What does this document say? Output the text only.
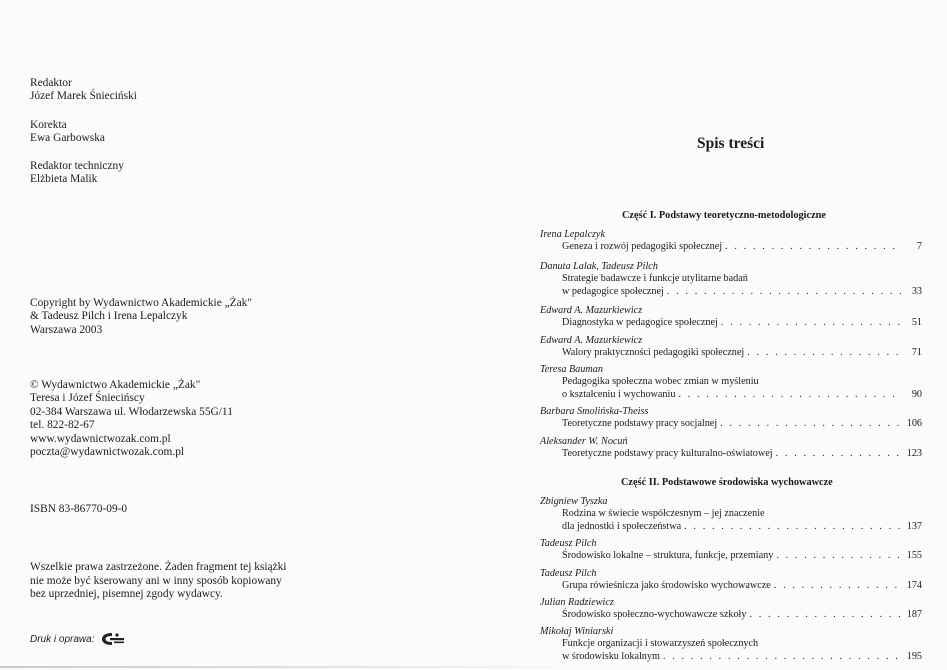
Redaktor
Józef Marek Śnieciński
Korekta
Ewa Garbowska
Redaktor techniczny
Elżbieta Malik
Copyright by Wydawnictwo Akademickie „Żak"
& Tadeusz Pilch i Irena Lepalczyk
Warszawa 2003
© Wydawnictwo Akademickie „Żak"
Teresa i Józef Śniecińscy
02-384 Warszawa ul. Włodarzewska 55G/11
tel. 822-82-67
www.wydawnictwozak.com.pl
poczta@wydawnictwozak.com.pl
ISBN 83-86770-09-0
Wszelkie prawa zastrzeżone. Żaden fragment tej książki
nie może być kserowany ani w inny sposób kopiowany
bez uprzedniej, pisemnej zgody wydawcy.
Druk i oprawa:
Spis treści
Część I. Podstawy teoretyczno-metodologiczne
Irena Lepalczyk
Geneza i rozwój pedagogiki społecznej . . .	7
Danuta Lalak, Tadeusz Pilch
Strategie badawcze i funkcje utylitarne badań
w pedagogice społecznej . . .	33
Edward A. Mazurkiewicz
Diagnostyka w pedagogice społecznej . . .	51
Edward A. Mazurkiewicz
Walory praktyczności pedagogiki społecznej . . .	71
Teresa Bauman
Pedagogika społeczna wobec zmian w myśleniu
o kształceniu i wychowaniu . . .	90
Barbara Smolińska-Theiss
Teoretyczne podstawy pracy socjalnej . . .	106
Aleksander W. Nocuń
Teoretyczne podstawy pracy kulturalno-oświatowej . . .	123
Część II. Podstawowe środowiska wychowawcze
Zbigniew Tyszka
Rodzina w świecie współczesnym – jej znaczenie
dla jednostki i społeczeństwa . . .	137
Tadeusz Pilch
Środowisko lokalne – struktura, funkcje, przemiany . . .	155
Tadeusz Pilch
Grupa rówieśnicza jako środowisko wychowawcze . . .	174
Julian Radziewicz
Środowisko społeczno-wychowawcze szkoły . . .	187
Mikołaj Winiarski
Funkcje organizacji i stowarzyszeń społecznych
w środowisku lokalnym . . .	195
